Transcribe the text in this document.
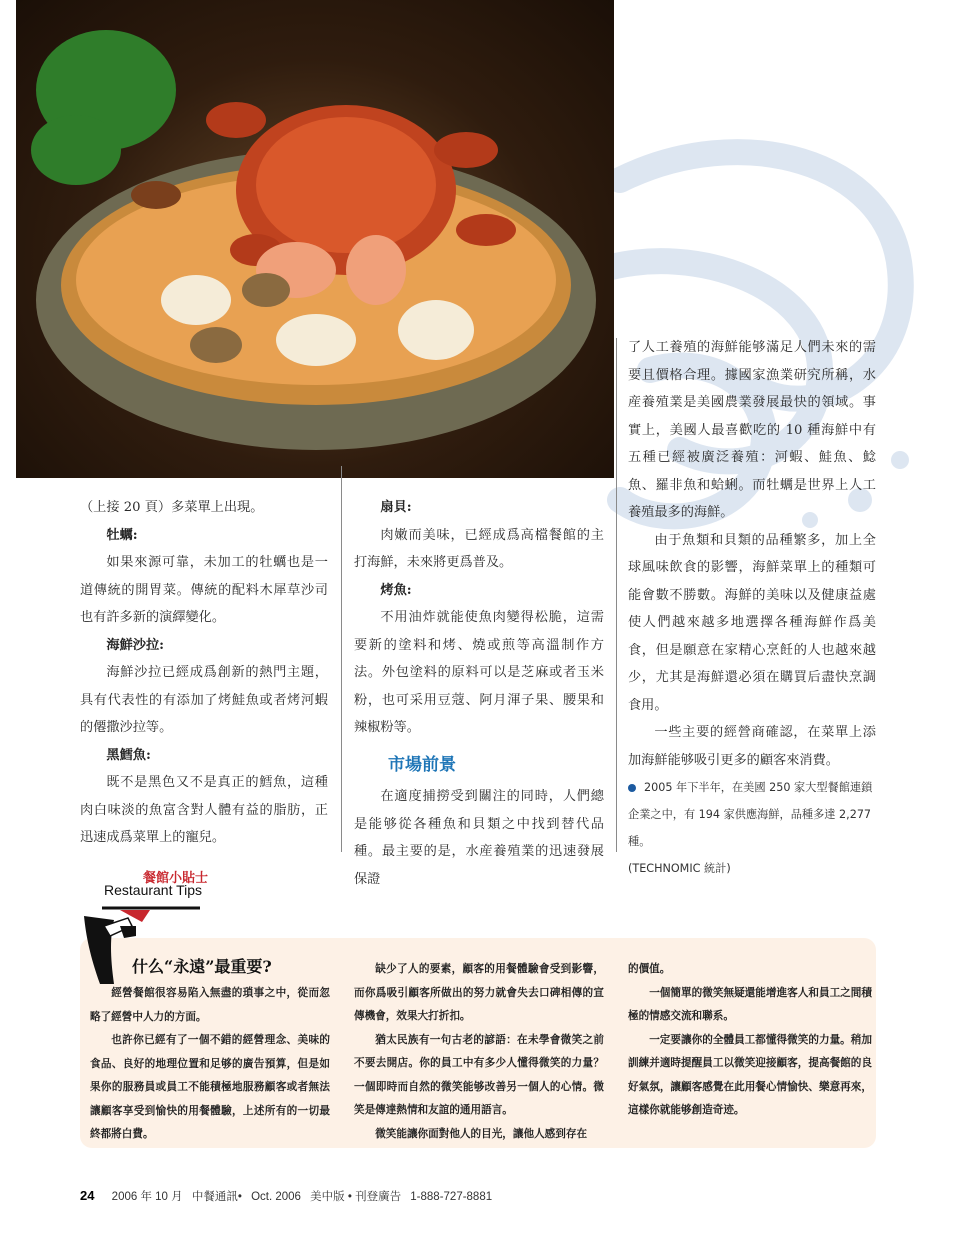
（上接 20 頁）多菜單上出現。

牡蠣:

如果來源可靠，未加工的牡蠣也是一道傳統的開胃菜。傳統的配料木犀草沙司也有許多新的演繹變化。

海鮮沙拉:

海鮮沙拉已經成爲創新的熱門主題，具有代表性的有添加了烤鮭魚或者烤河蝦的僊撒沙拉等。

黑鱈魚:

既不是黑色又不是真正的鱈魚，這種肉白味淡的魚富含對人體有益的脂肪，正迅速成爲菜單上的寵兒。

扇貝:

肉嫩而美味，已經成爲高檔餐館的主打海鮮，未來將更爲普及。

烤魚:

不用油炸就能使魚肉變得松脆，這需要新的塗料和烤、燒或煎等高溫制作方法。外包塗料的原料可以是芝麻或者玉米粉，也可采用豆蔻、阿月渾子果、腰果和辣椒粉等。

市場前景

在適度捕撈受到關注的同時，人們總是能够從各種魚和貝類之中找到替代品種。最主要的是，水産養殖業的迅速發展保證

了人工養殖的海鮮能够滿足人們未來的需要且價格合理。據國家漁業研究所稱，水産養殖業是美國農業發展最快的領域。事實上，美國人最喜歡吃的 10 種海鮮中有五種已經被廣泛養殖：河蝦、鮭魚、鯰魚、羅非魚和蛤蜊。而牡蠣是世界上人工養殖最多的海鮮。

由于魚類和貝類的品種繁多，加上全球風味飲食的影響，海鮮菜單上的種類可能會數不勝數。海鮮的美味以及健康益處使人們越來越多地選擇各種海鮮作爲美食，但是願意在家精心烹飪的人也越來越少，尤其是海鮮還必須在購買后盡快烹調食用。

一些主要的經營商確認，在菜單上添加海鮮能够吸引更多的顧客來消費。

2005 年下半年，在美國 250 家大型餐館連鎖企業之中，有 194 家供應海鮮，品種多達 2,277 種。
(TECHNOMIC 統計)
餐館小貼士
Restaurant Tips
什么“永遠”最重要?

經營餐館很容易陷入無盡的瑣事之中，從而忽略了經營中人力的方面。

也許你已經有了一個不錯的經營理念、美味的食品、良好的地理位置和足够的廣告預算，但是如果你的服務員或員工不能積極地服務顧客或者無法讓顧客享受到愉快的用餐體驗，上述所有的一切最終都將白費。

缺少了人的要素，顧客的用餐體驗會受到影響，而你爲吸引顧客所做出的努力就會失去口碑相傳的宣傳機會，效果大打折扣。

猶太民族有一句古老的諺語：在未學會微笑之前不要去開店。你的員工中有多少人懂得微笑的力量？一個即時而自然的微笑能够改善另一個人的心情。微笑是傳達熱情和友誼的通用語言。

微笑能讓你面對他人的目光，讓他人感到存在

的價值。

一個簡單的微笑無疑還能增進客人和員工之間積極的情感交流和聯系。

一定要讓你的全體員工都懂得微笑的力量。稍加訓練并適時提醒員工以微笑迎接顧客，提高餐館的良好氣氛，讓顧客感覺在此用餐心情愉快、樂意再來，這樣你就能够創造奇迹。

24 2006 年 10 月 中餐通訊• Oct. 2006 美中版 • 刊登廣告 1-888-727-8881
